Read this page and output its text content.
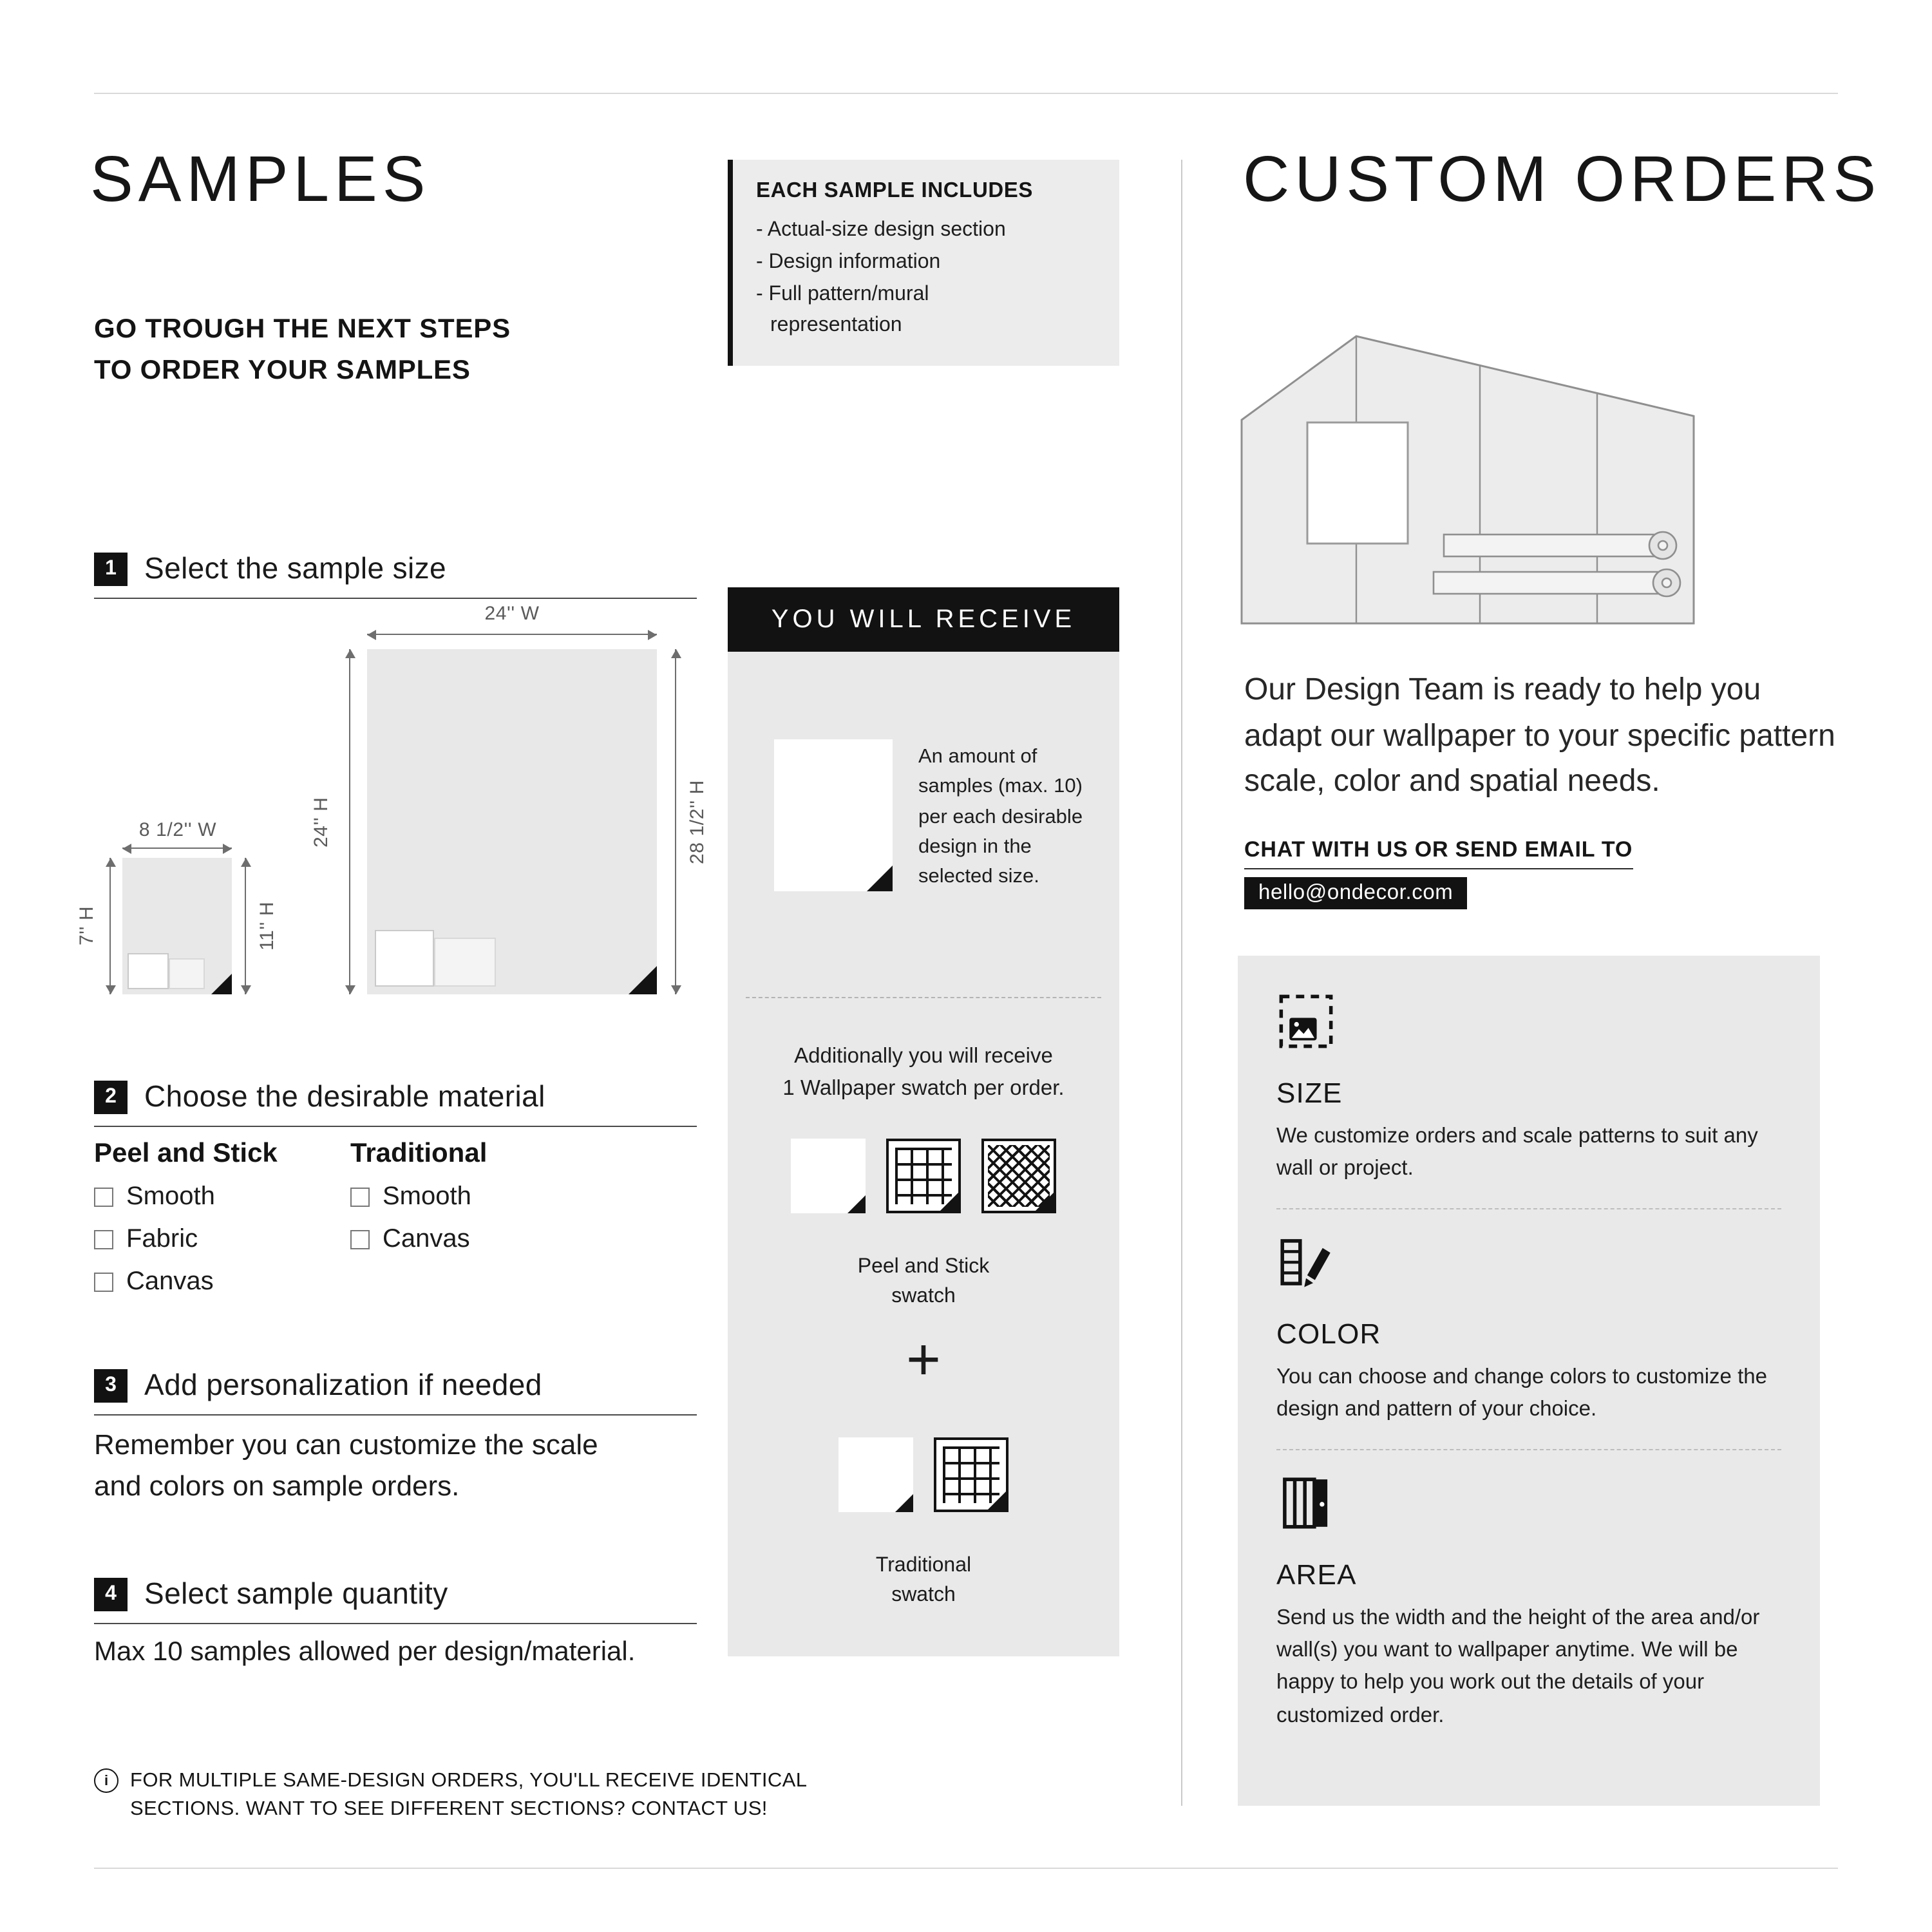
SAMPLES
GO TROUGH THE NEXT STEPS
TO ORDER YOUR SAMPLES
EACH SAMPLE INCLUDES
- Actual-size design section
- Design information
- Full pattern/mural
representation
1	Select the sample size
24'' W
24'' H	28 1/2'' H
8 1/2'' W
7'' H	11'' H
2	Choose the desirable material
Peel and Stick
Smooth
Fabric
Canvas
Traditional
Smooth
Canvas
3	Add personalization if needed
Remember you can customize the scale
and colors on sample orders.
4	Select sample quantity
Max 10 samples allowed per design/material.
i	FOR MULTIPLE SAME-DESIGN ORDERS, YOU'LL RECEIVE IDENTICAL
SECTIONS. WANT TO SEE DIFFERENT SECTIONS? CONTACT US!
YOU WILL RECEIVE
An amount of samples (max. 10) per each desirable design in the selected size.
Additionally you will receive
1 Wallpaper swatch per order.
Peel and Stick
swatch
+
Traditional
swatch
CUSTOM ORDERS
Our Design Team is ready to help you adapt our wallpaper to your specific pattern scale, color and spatial needs.
CHAT WITH US OR SEND EMAIL TO
hello@ondecor.com
SIZE
We customize orders and scale patterns to suit any wall or project.
COLOR
You can choose and change colors to customize the design and pattern of your choice.
AREA
Send us the width and the height of the area and/or wall(s) you want to wallpaper anytime. We will be happy to help you work out the details of your customized order.
